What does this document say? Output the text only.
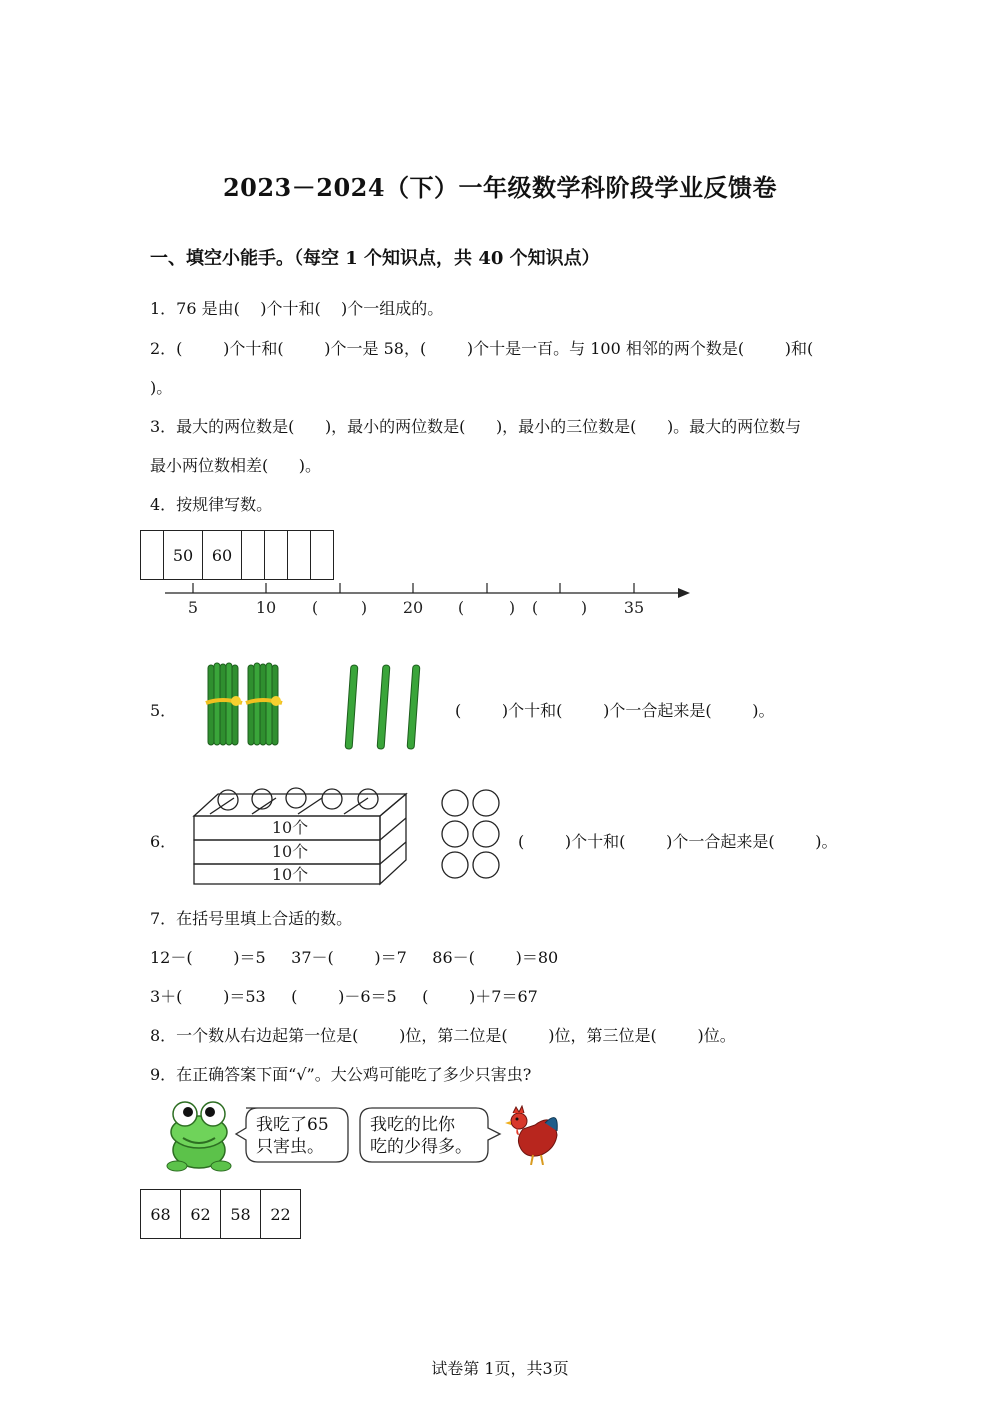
2023－2024（下）一年级数学科阶段学业反馈卷
一、填空小能手。（每空 1 个知识点，共 40 个知识点）
1．76 是由(    )个十和(    )个一组成的。
2．(        )个十和(        )个一是 58，(        )个十是一百。与 100 相邻的两个数是(        )和(
)。
3．最大的两位数是(      )，最小的两位数是(      )，最小的三位数是(      )。最大的两位数与
最小两位数相差(      )。
4．按规律写数。
	50	60				
5	10 (	) 20 (	) (	) 35
5．	(        )个十和(        )个一合起来是(        )。
6．
10个
10个
10个
(        )个十和(        )个一合起来是(        )。
7．在括号里填上合适的数。
12－(        )＝5     37－(        )＝7     86－(        )＝80
3＋(        )＝53     (        )－6＝5     (        )＋7＝67
8．一个数从右边起第一位是(        )位，第二位是(        )位，第三位是(        )位。
9．在正确答案下面“√”。大公鸡可能吃了多少只害虫?
我吃了65
只害虫。
我吃的比你
吃的少得多。
68	62	58	22
试卷第 1页，共3页
